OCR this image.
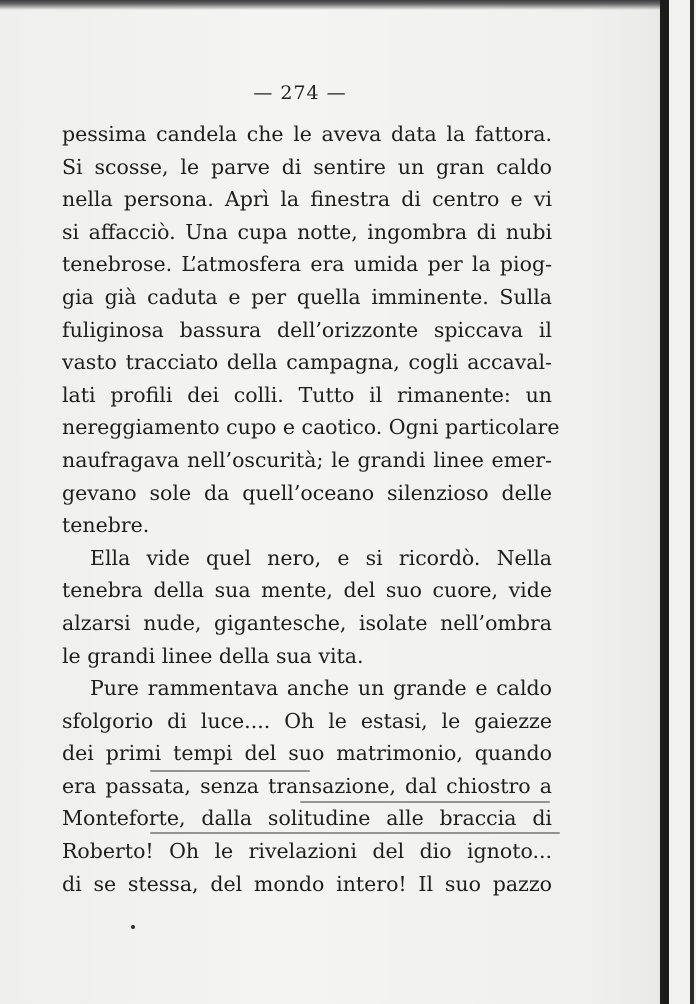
— 274 —
pessima candela che le aveva data la fattora.
Si scosse, le parve di sentire un gran caldo
nella persona. Aprì la finestra di centro e vi
si affacciò. Una cupa notte, ingombra di nubi
tenebrose. L’atmosfera era umida per la piog-
gia già caduta e per quella imminente. Sulla
fuliginosa bassura dell’orizzonte spiccava il
vasto tracciato della campagna, cogli accaval-
lati profili dei colli. Tutto il rimanente: un
nereggiamento cupo e caotico. Ogni particolare
naufragava nell’oscurità; le grandi linee emer-
gevano sole da quell’oceano silenzioso delle
tenebre.
Ella vide quel nero, e si ricordò. Nella
tenebra della sua mente, del suo cuore, vide
alzarsi nude, gigantesche, isolate nell’ombra
le grandi linee della sua vita.
Pure rammentava anche un grande e caldo
sfolgorio di luce.... Oh le estasi, le gaiezze
dei primi tempi del suo matrimonio, quando
era passata, senza transazione, dal chiostro a
Monteforte, dalla solitudine alle braccia di
Roberto! Oh le rivelazioni del dio ignoto...
di se stessa, del mondo intero! Il suo pazzo
